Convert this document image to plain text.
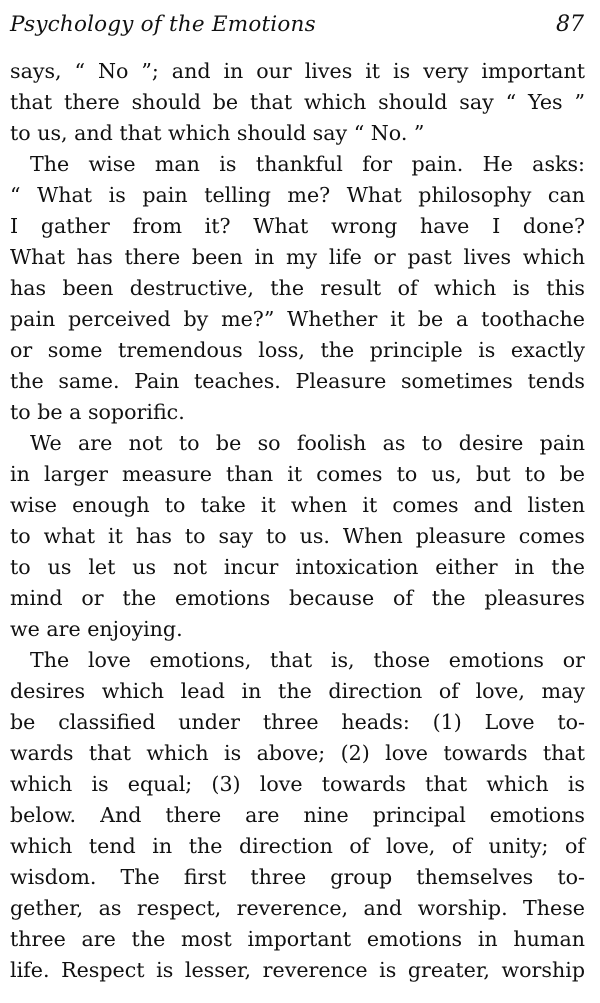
Psychology of the Emotions	87
says, “ No ”; and in our lives it is very important
that there should be that which should say “ Yes ”
to us, and that which should say “ No. ”
The wise man is thankful for pain. He asks:
“ What is pain telling me? What philosophy can
I gather from it? What wrong have I done?
What has there been in my life or past lives which
has been destructive, the result of which is this
pain perceived by me?” Whether it be a toothache
or some tremendous loss, the principle is exactly
the same. Pain teaches. Pleasure sometimes tends
to be a soporific.
We are not to be so foolish as to desire pain
in larger measure than it comes to us, but to be
wise enough to take it when it comes and listen
to what it has to say to us. When pleasure comes
to us let us not incur intoxication either in the
mind or the emotions because of the pleasures
we are enjoying.
The love emotions, that is, those emotions or
desires which lead in the direction of love, may
be classified under three heads: (1) Love to-
wards that which is above; (2) love towards that
which is equal; (3) love towards that which is
below. And there are nine principal emotions
which tend in the direction of love, of unity; of
wisdom. The first three group themselves to-
gether, as respect, reverence, and worship. These
three are the most important emotions in human
life. Respect is lesser, reverence is greater, worship
